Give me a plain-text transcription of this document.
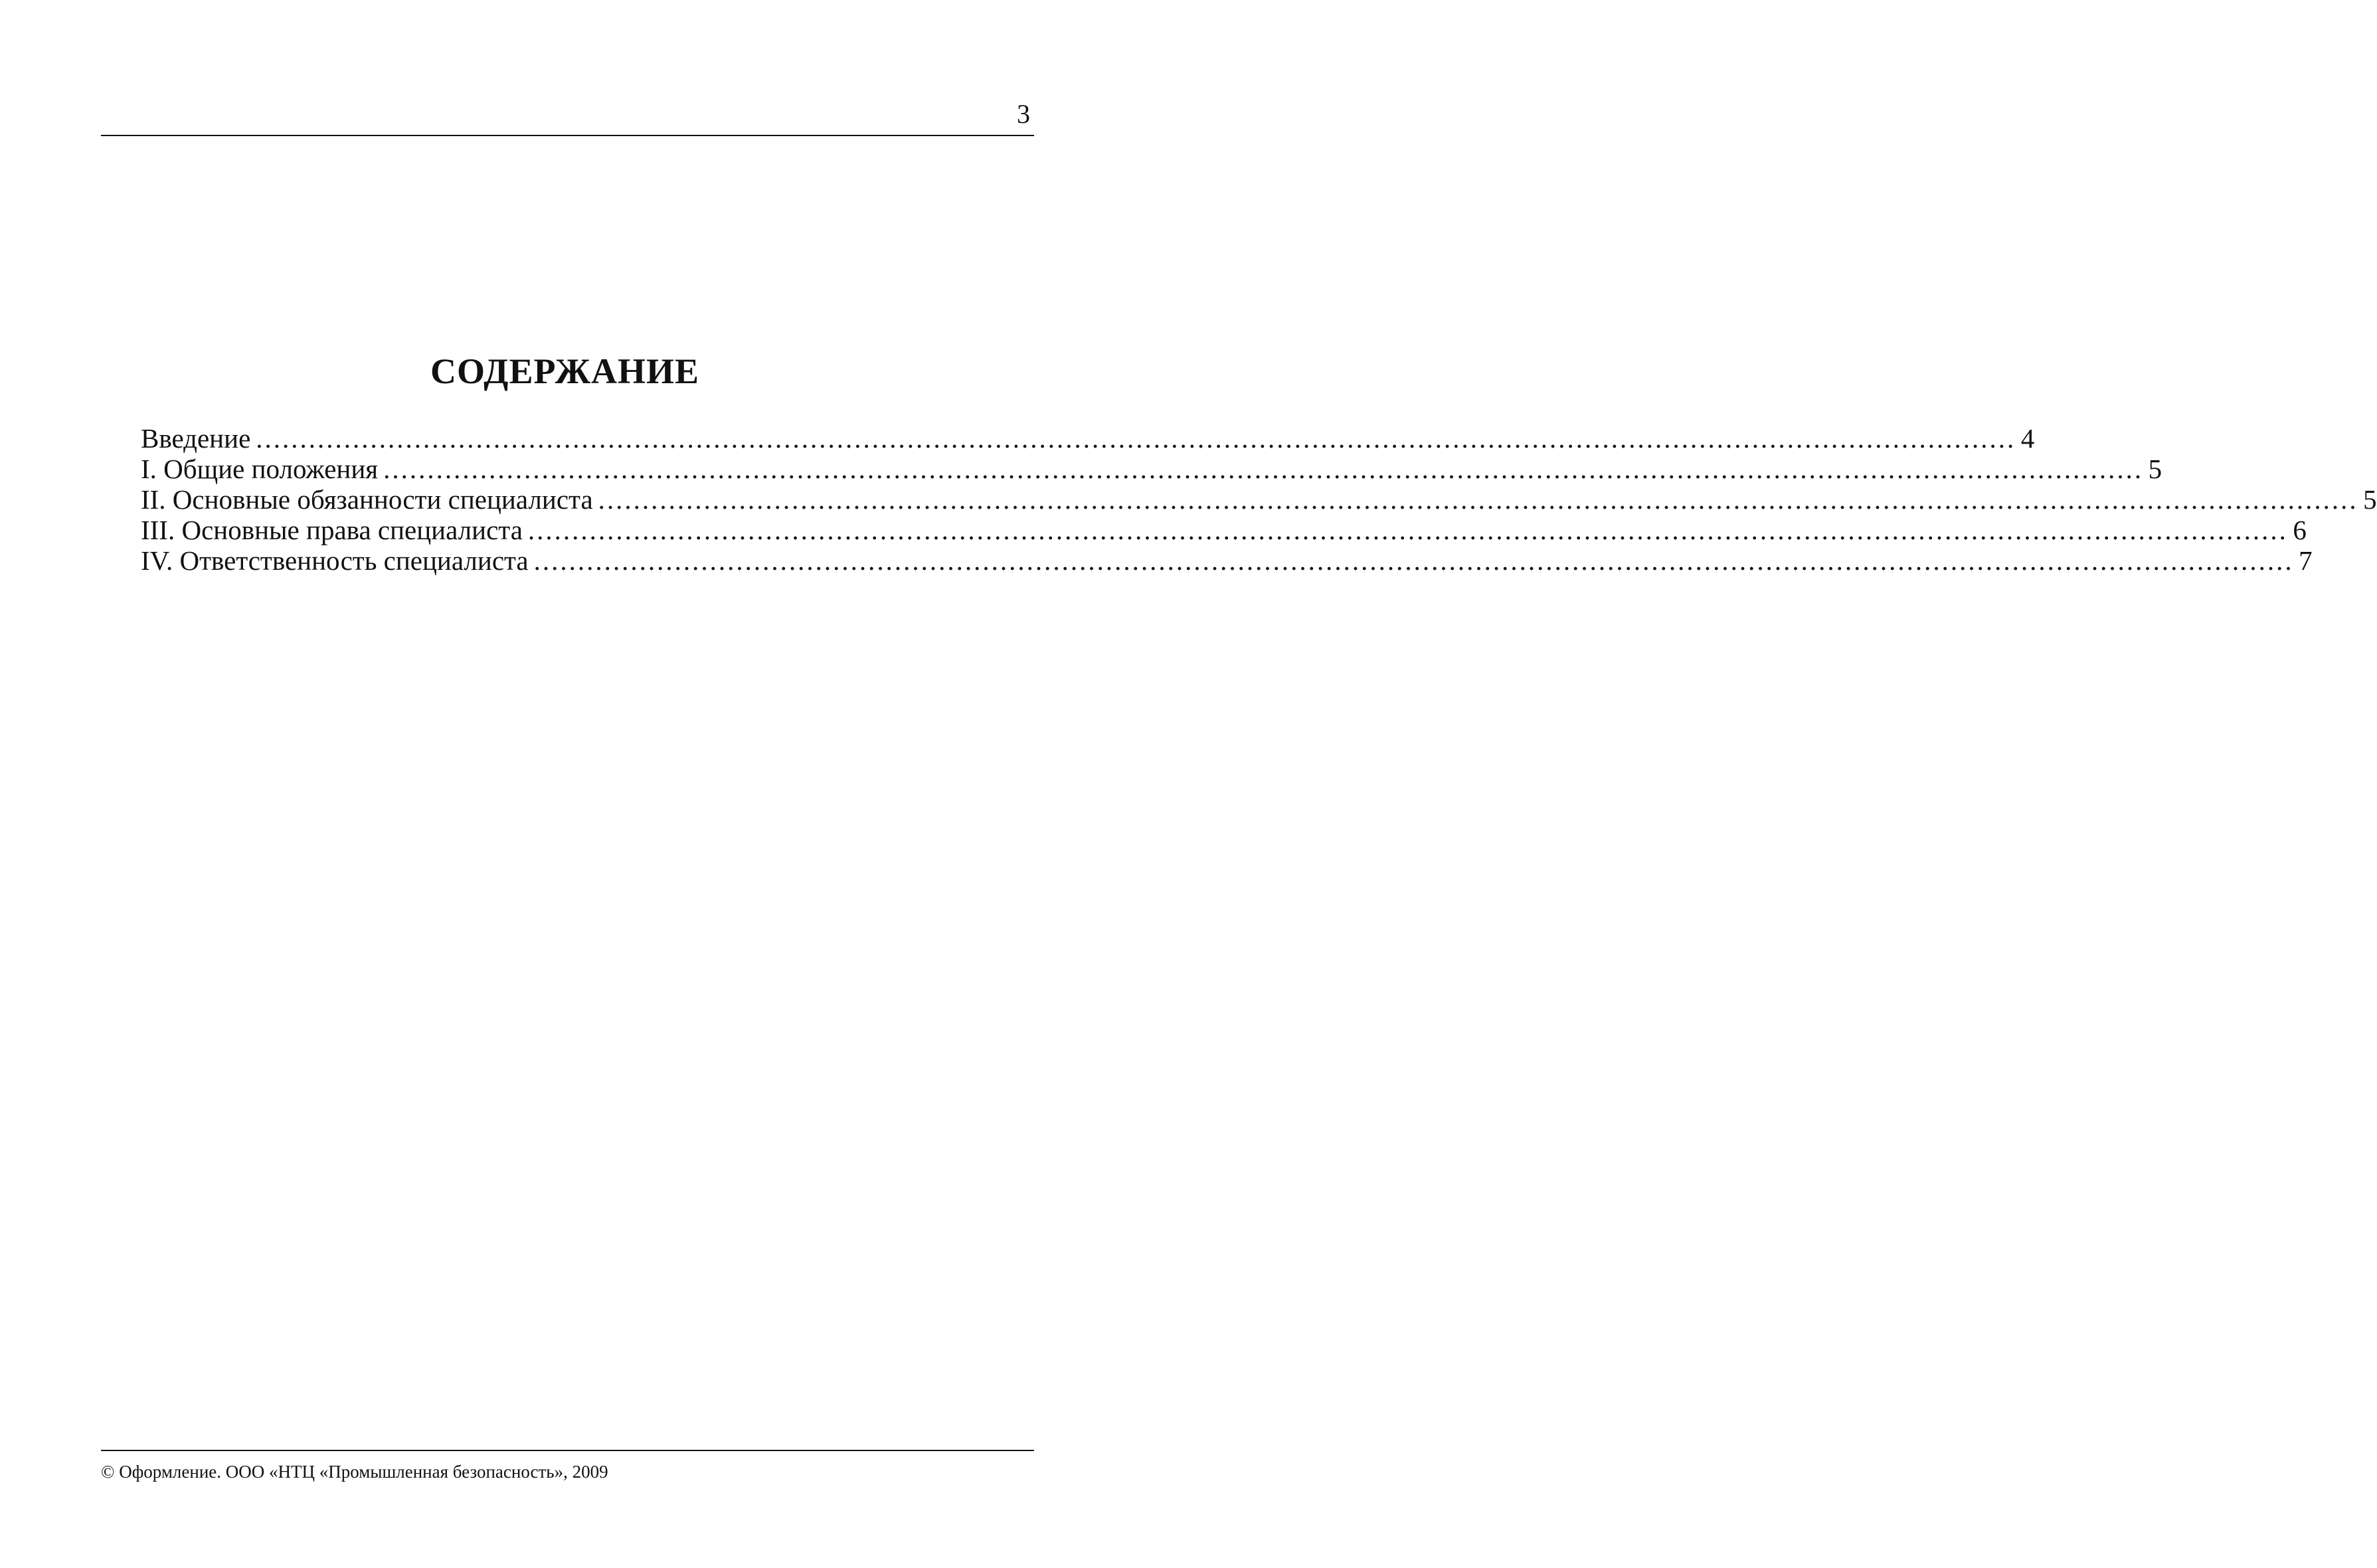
3
СОДЕРЖАНИЕ
Введение ........................................................................................................................................................................................................ 4
I. Общие положения ........................................................................................................................................................................................................ 5
II. Основные обязанности специалиста ........................................................................................................................................................................................................ 5
III. Основные права специалиста ........................................................................................................................................................................................................ 6
IV. Ответственность специалиста ........................................................................................................................................................................................................ 7
© Оформление. ООО «НТЦ «Промышленная безопасность», 2009
